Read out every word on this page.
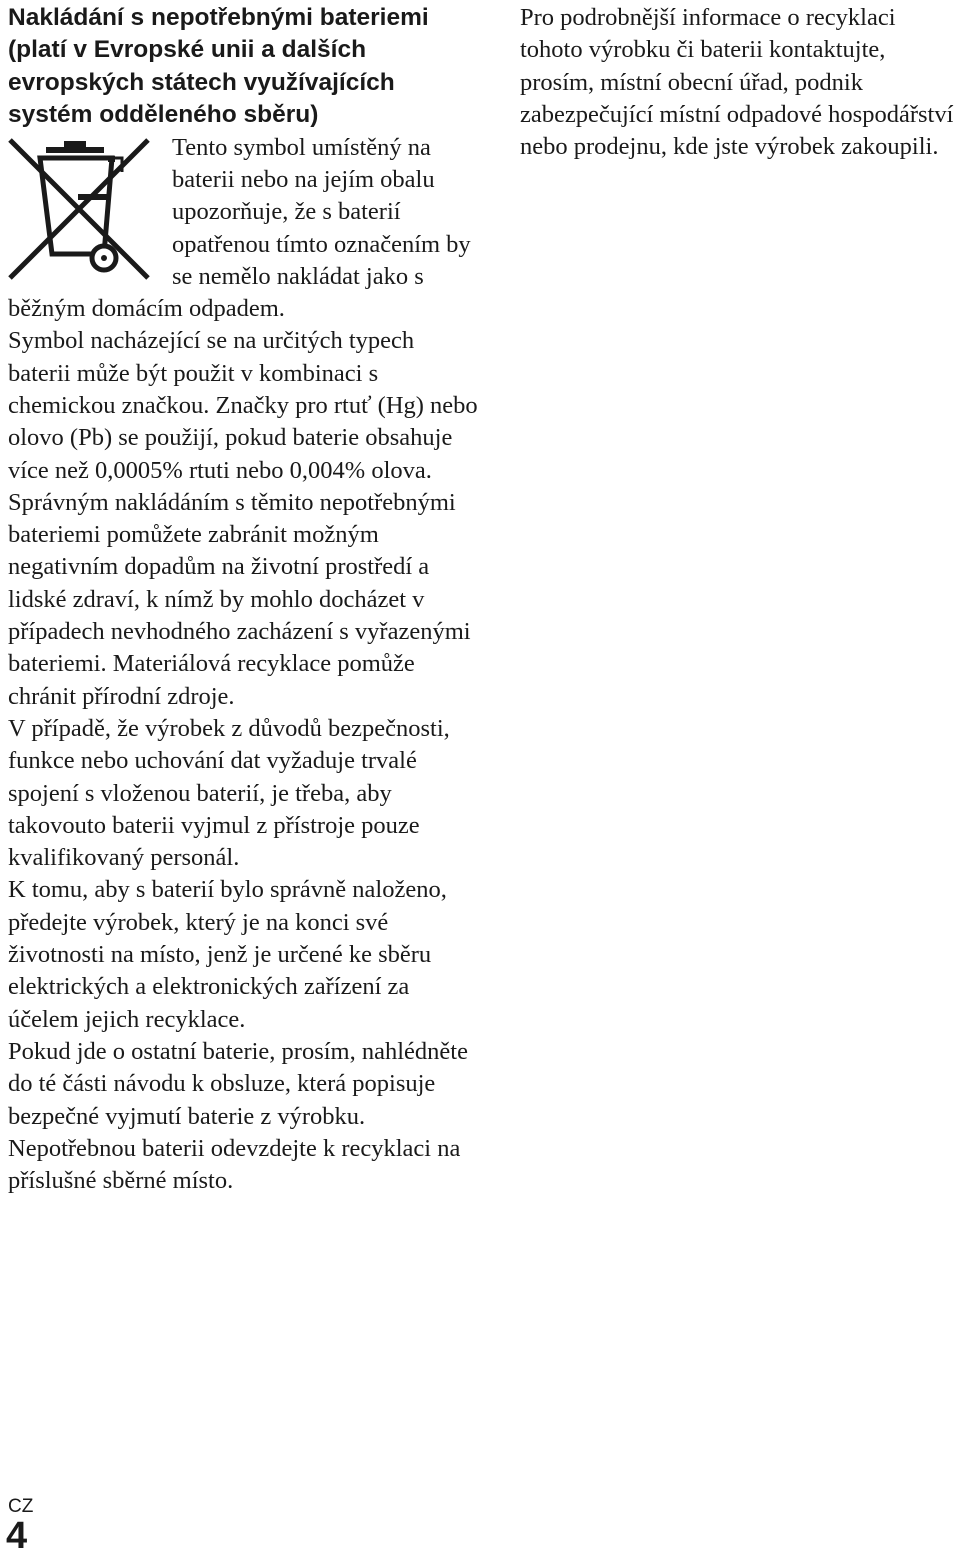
Nakládání s nepotřebnými bateriemi (platí v Evropské unii a dalších evropských státech využívajících systém odděleného sběru)

Tento symbol umístěný na baterii nebo na jejím obalu upozorňuje, že s baterií opatřenou tímto označením by se nemělo nakládat jako s běžným domácím odpadem.

Symbol nacházející se na určitých typech baterii může být použit v kombinaci s chemickou značkou. Značky pro rtuť (Hg) nebo olovo (Pb) se použijí, pokud baterie obsahuje více než 0,0005% rtuti nebo 0,004% olova.

Správným nakládáním s těmito nepotřebnými bateriemi pomůžete zabránit možným negativním dopadům na životní prostředí a lidské zdraví, k nímž by mohlo docházet v případech nevhodného zacházení s vyřazenými bateriemi. Materiálová recyklace pomůže chránit přírodní zdroje.

V případě, že výrobek z důvodů bezpečnosti, funkce nebo uchování dat vyžaduje trvalé spojení s vloženou baterií, je třeba, aby takovouto baterii vyjmul z přístroje pouze kvalifikovaný personál.

K tomu, aby s baterií bylo správně naloženo, předejte výrobek, který je na konci své životnosti na místo, jenž je určené ke sběru elektrických a elektronických zařízení za účelem jejich recyklace.

Pokud jde o ostatní baterie, prosím, nahlédněte do té části návodu k obsluze, která popisuje bezpečné vyjmutí baterie z výrobku. Nepotřebnou baterii odevzdejte k recyklaci na příslušné sběrné místo.

Pro podrobnější informace o recyklaci tohoto výrobku či baterii kontaktujte, prosím, místní obecní úřad, podnik zabezpečující místní odpadové hospodářství nebo prodejnu, kde jste výrobek zakoupili.

CZ
4
